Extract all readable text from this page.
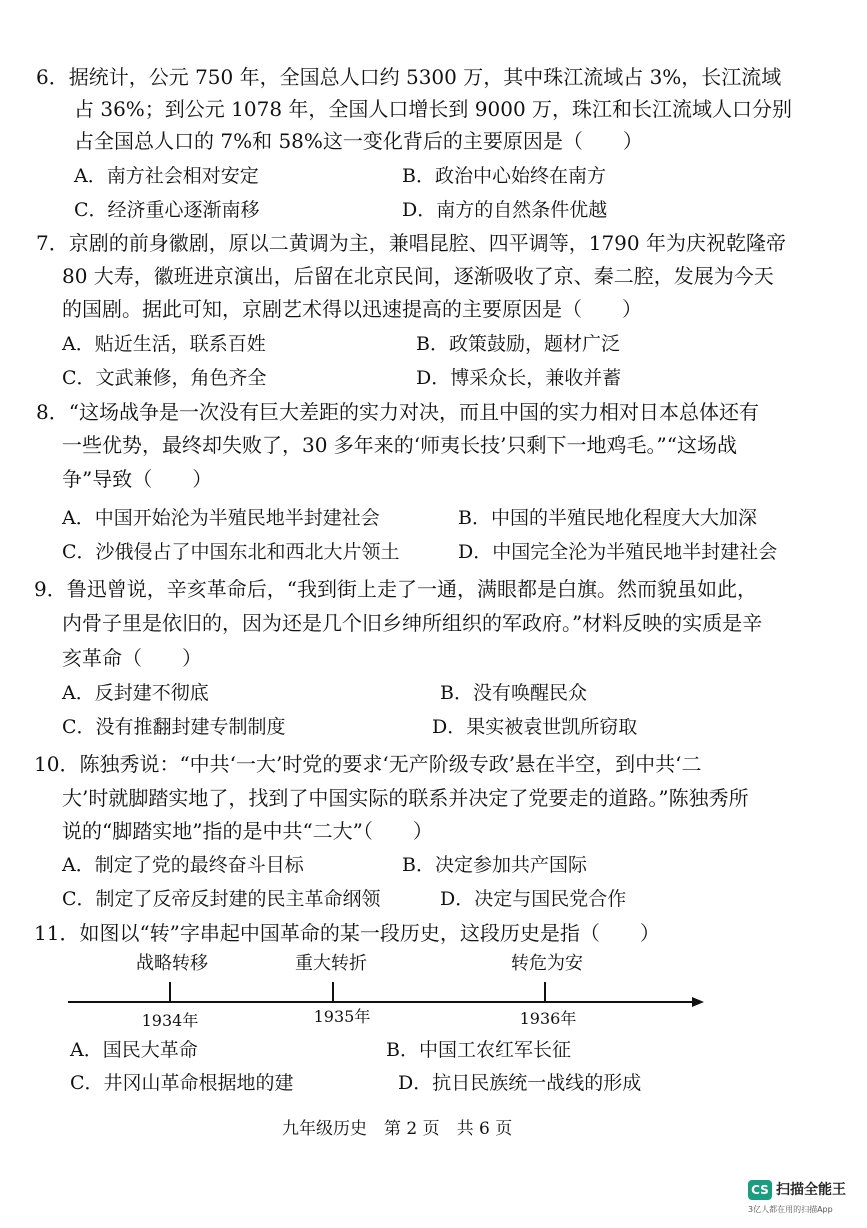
6．据统计，公元 750 年，全国总人口约 5300 万，其中珠江流域占 3%，长江流域
占 36%；到公元 1078 年，全国人口增长到 9000 万，珠江和长江流域人口分别
占全国总人口的 7%和 58%这一变化背后的主要原因是（　　）
A．南方社会相对安定	B．政治中心始终在南方
C．经济重心逐渐南移	D．南方的自然条件优越
7．京剧的前身徽剧，原以二黄调为主，兼唱昆腔、四平调等，1790 年为庆祝乾隆帝
80 大寿，徽班进京演出，后留在北京民间，逐渐吸收了京、秦二腔，发展为今天
的国剧。据此可知，京剧艺术得以迅速提高的主要原因是（　　）
A．贴近生活，联系百姓	B．政策鼓励，题材广泛
C．文武兼修，角色齐全	D．博采众长，兼收并蓄
8．“这场战争是一次没有巨大差距的实力对决，而且中国的实力相对日本总体还有
一些优势，最终却失败了，30 多年来的‘师夷长技’只剩下一地鸡毛。”“这场战
争”导致（　　）
A．中国开始沦为半殖民地半封建社会	B．中国的半殖民地化程度大大加深
C．沙俄侵占了中国东北和西北大片领土	D．中国完全沦为半殖民地半封建社会
9．鲁迅曾说，辛亥革命后，“我到街上走了一通，满眼都是白旗。然而貌虽如此，
内骨子里是依旧的，因为还是几个旧乡绅所组织的军政府。”材料反映的实质是辛
亥革命（　　）
A．反封建不彻底	B．没有唤醒民众
C．没有推翻封建专制制度	D．果实被袁世凯所窃取
10．陈独秀说：“中共‘一大’时党的要求‘无产阶级专政’悬在半空，到中共‘二
大’时就脚踏实地了，找到了中国实际的联系并决定了党要走的道路。”陈独秀所
说的“脚踏实地”指的是中共“二大”（　　）
A．制定了党的最终奋斗目标	B．决定参加共产国际
C．制定了反帝反封建的民主革命纲领	D．决定与国民党合作
11．如图以“转”字串起中国革命的某一段历史，这段历史是指（　　）
战略转移	重大转折	转危为安
1934年	1935年	1936年
A．国民大革命	B．中国工农红军长征
C．井冈山革命根据地的建	D．抗日民族统一战线的形成
九年级历史　第 2 页　共 6 页
CS 扫描全能王
3亿人都在用的扫描App
